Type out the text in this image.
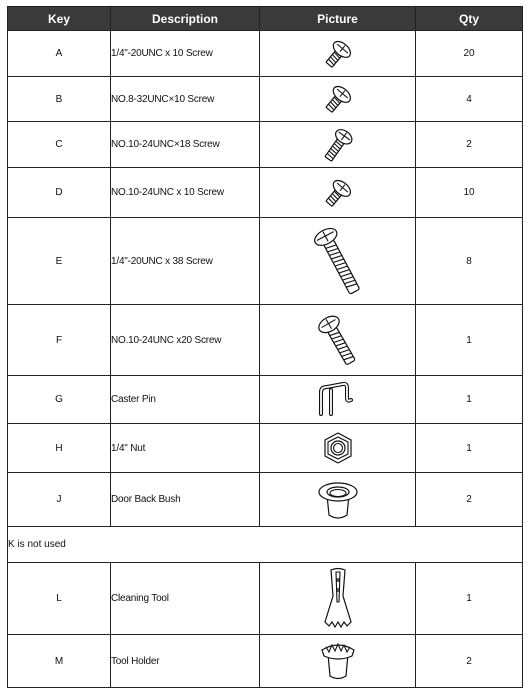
Key	Description	Picture	Qty
A	1/4"-20UNC x 10 Screw		20
B	NO.8-32UNC×10 Screw		4
C	NO.10-24UNC×18 Screw		2
D	NO.10-24UNC x 10 Screw		10
E	1/4"-20UNC x 38 Screw		8
F	NO.10-24UNC x20 Screw		1
G	Caster Pin		1
H	1/4" Nut		1
J	Door Back Bush		2
K is not used			
L	Cleaning Tool		1
M	Tool Holder		2
